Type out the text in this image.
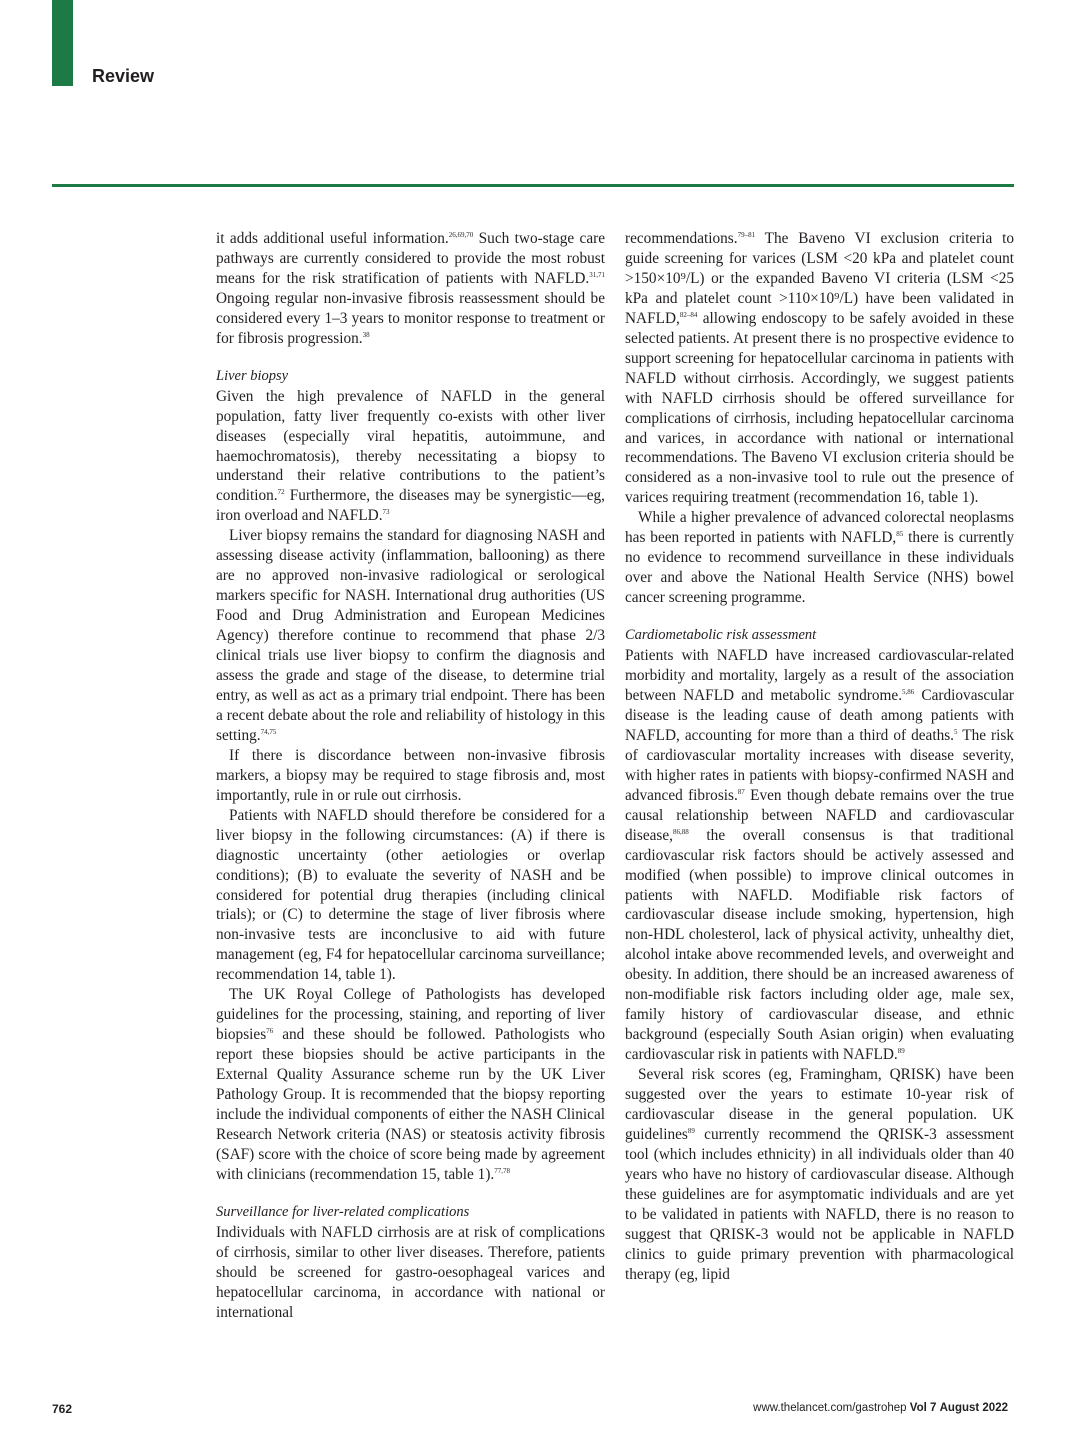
Review

it adds additional useful information.$^{26,69,70}$ Such two-stage care pathways are currently considered to provide the most robust means for the risk stratification of patients with NAFLD.$^{31,71}$ Ongoing regular non-invasive fibrosis reassessment should be considered every 1–3 years to monitor response to treatment or for fibrosis progression.$^{38}$

Liver biopsy

Given the high prevalence of NAFLD in the general population, fatty liver frequently co-exists with other liver diseases (especially viral hepatitis, autoimmune, and haemochromatosis), thereby necessitating a biopsy to understand their relative contributions to the patient’s condition.$^{72}$ Furthermore, the diseases may be synergistic—eg, iron overload and NAFLD.$^{73}$

Liver biopsy remains the standard for diagnosing NASH and assessing disease activity (inflammation, ballooning) as there are no approved non-invasive radiological or serological markers specific for NASH. International drug authorities (US Food and Drug Administration and European Medicines Agency) therefore continue to recommend that phase 2/3 clinical trials use liver biopsy to confirm the diagnosis and assess the grade and stage of the disease, to determine trial entry, as well as act as a primary trial endpoint. There has been a recent debate about the role and reliability of histology in this setting.$^{74,75}$

If there is discordance between non-invasive fibrosis markers, a biopsy may be required to stage fibrosis and, most importantly, rule in or rule out cirrhosis.

Patients with NAFLD should therefore be considered for a liver biopsy in the following circumstances: (A) if there is diagnostic uncertainty (other aetiologies or overlap conditions); (B) to evaluate the severity of NASH and be considered for potential drug therapies (including clinical trials); or (C) to determine the stage of liver fibrosis where non-invasive tests are inconclusive to aid with future management (eg, F4 for hepatocellular carcinoma surveillance; recommendation 14, table 1).

The UK Royal College of Pathologists has developed guidelines for the processing, staining, and reporting of liver biopsies$^{76}$ and these should be followed. Pathologists who report these biopsies should be active participants in the External Quality Assurance scheme run by the UK Liver Pathology Group. It is recommended that the biopsy reporting include the individual components of either the NASH Clinical Research Network criteria (NAS) or steatosis activity fibrosis (SAF) score with the choice of score being made by agreement with clinicians (recommendation 15, table 1).$^{77,78}$

Surveillance for liver-related complications

Individuals with NAFLD cirrhosis are at risk of complications of cirrhosis, similar to other liver diseases. Therefore, patients should be screened for gastro-oesophageal varices and hepatocellular carcinoma, in accordance with national or international

recommendations.$^{79-81}$ The Baveno VI exclusion criteria to guide screening for varices (LSM <20 kPa and platelet count >150×10⁹/L) or the expanded Baveno VI criteria (LSM <25 kPa and platelet count >110×10⁹/L) have been validated in NAFLD,$^{82-84}$ allowing endoscopy to be safely avoided in these selected patients. At present there is no prospective evidence to support screening for hepatocellular carcinoma in patients with NAFLD without cirrhosis. Accordingly, we suggest patients with NAFLD cirrhosis should be offered surveillance for complications of cirrhosis, including hepatocellular carcinoma and varices, in accordance with national or international recommendations. The Baveno VI exclusion criteria should be considered as a non-invasive tool to rule out the presence of varices requiring treatment (recommendation 16, table 1).

While a higher prevalence of advanced colorectal neoplasms has been reported in patients with NAFLD,$^{85}$ there is currently no evidence to recommend surveillance in these individuals over and above the National Health Service (NHS) bowel cancer screening programme.

Cardiometabolic risk assessment

Patients with NAFLD have increased cardiovascular-related morbidity and mortality, largely as a result of the association between NAFLD and metabolic syndrome.$^{5,86}$ Cardiovascular disease is the leading cause of death among patients with NAFLD, accounting for more than a third of deaths.$^5$ The risk of cardiovascular mortality increases with disease severity, with higher rates in patients with biopsy-confirmed NASH and advanced fibrosis.$^{87}$ Even though debate remains over the true causal relationship between NAFLD and cardiovascular disease,$^{86,88}$ the overall consensus is that traditional cardiovascular risk factors should be actively assessed and modified (when possible) to improve clinical outcomes in patients with NAFLD. Modifiable risk factors of cardiovascular disease include smoking, hypertension, high non-HDL cholesterol, lack of physical activity, unhealthy diet, alcohol intake above recommended levels, and overweight and obesity. In addition, there should be an increased awareness of non-modifiable risk factors including older age, male sex, family history of cardiovascular disease, and ethnic background (especially South Asian origin) when evaluating cardiovascular risk in patients with NAFLD.$^{89}$

Several risk scores (eg, Framingham, QRISK) have been suggested over the years to estimate 10-year risk of cardiovascular disease in the general population. UK guidelines$^{89}$ currently recommend the QRISK-3 assessment tool (which includes ethnicity) in all individuals older than 40 years who have no history of cardiovascular disease. Although these guidelines are for asymptomatic individuals and are yet to be validated in patients with NAFLD, there is no reason to suggest that QRISK-3 would not be applicable in NAFLD clinics to guide primary prevention with pharmacological therapy (eg, lipid

762	www.thelancet.com/gastrohep Vol 7 August 2022
